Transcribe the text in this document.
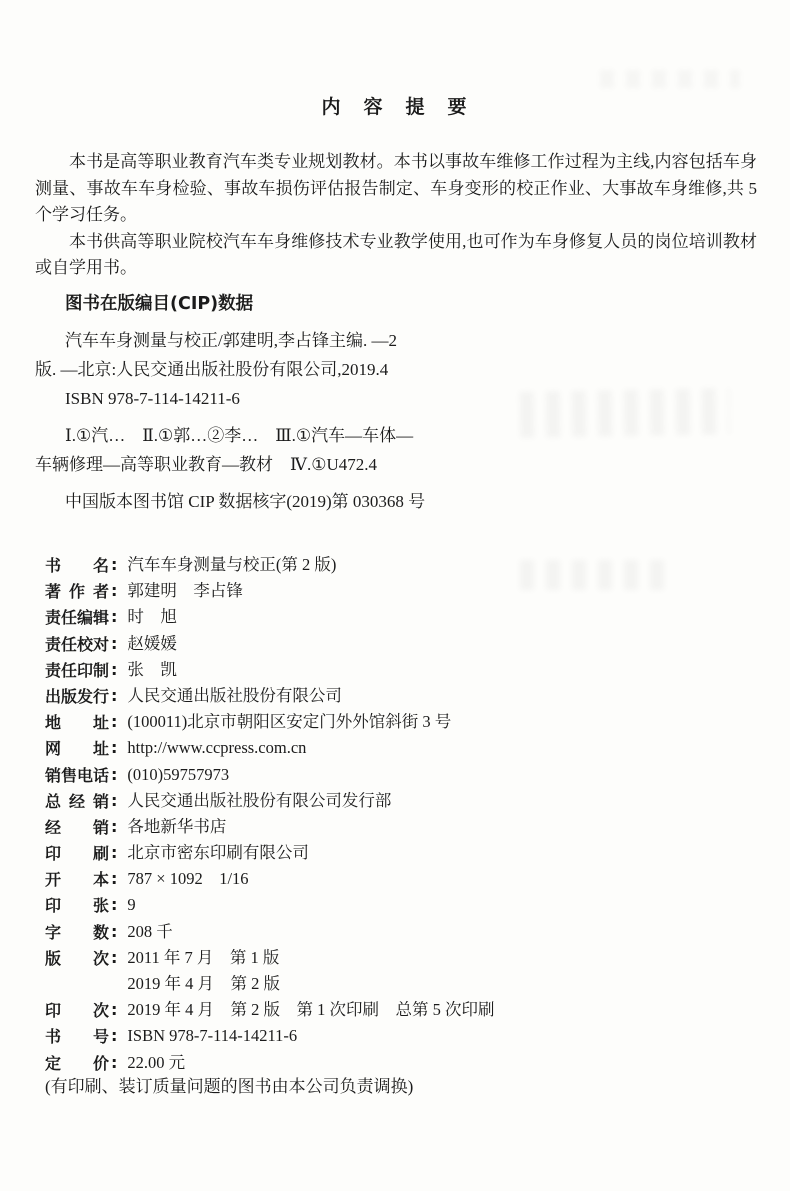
内　容　提　要

本书是高等职业教育汽车类专业规划教材。本书以事故车维修工作过程为主线,内容包括车身测量、事故车车身检验、事故车损伤评估报告制定、车身变形的校正作业、大事故车身维修,共 5 个学习任务。

本书供高等职业院校汽车车身维修技术专业教学使用,也可作为车身修复人员的岗位培训教材或自学用书。

图书在版编目(CIP)数据
汽车车身测量与校正/郭建明,李占锋主编. —2
版. —北京:人民交通出版社股份有限公司,2019.4
ISBN 978-7-114-14211-6
Ⅰ.①汽…　Ⅱ.①郭…②李…　Ⅲ.①汽车—车体—
车辆修理—高等职业教育—教材　Ⅳ.①U472.4
中国版本图书馆 CIP 数据核字(2019)第 030368 号
书 名 : 汽车车身测量与校正(第 2 版)
著 作 者 : 郭建明　李占锋
责 任 编 辑 : 时　旭
责 任 校 对 : 赵媛媛
责 任 印 制 : 张　凯
出 版 发 行 : 人民交通出版社股份有限公司
地 址 : (100011)北京市朝阳区安定门外外馆斜街 3 号
网 址 : http://www.ccpress.com.cn
销 售 电 话 : (010)59757973
总 经 销 : 人民交通出版社股份有限公司发行部
经 销 : 各地新华书店
印 刷 : 北京市密东印刷有限公司
开 本 : 787 × 1092　1/16
印 张 : 9
字 数 : 208 千
版 次 : 2011 年 7 月　第 1 版
2019 年 4 月　第 2 版
印 次 : 2019 年 4 月　第 2 版　第 1 次印刷　总第 5 次印刷
书 号 : ISBN 978-7-114-14211-6
定 价 : 22.00 元
(有印刷、装订质量问题的图书由本公司负责调换)
